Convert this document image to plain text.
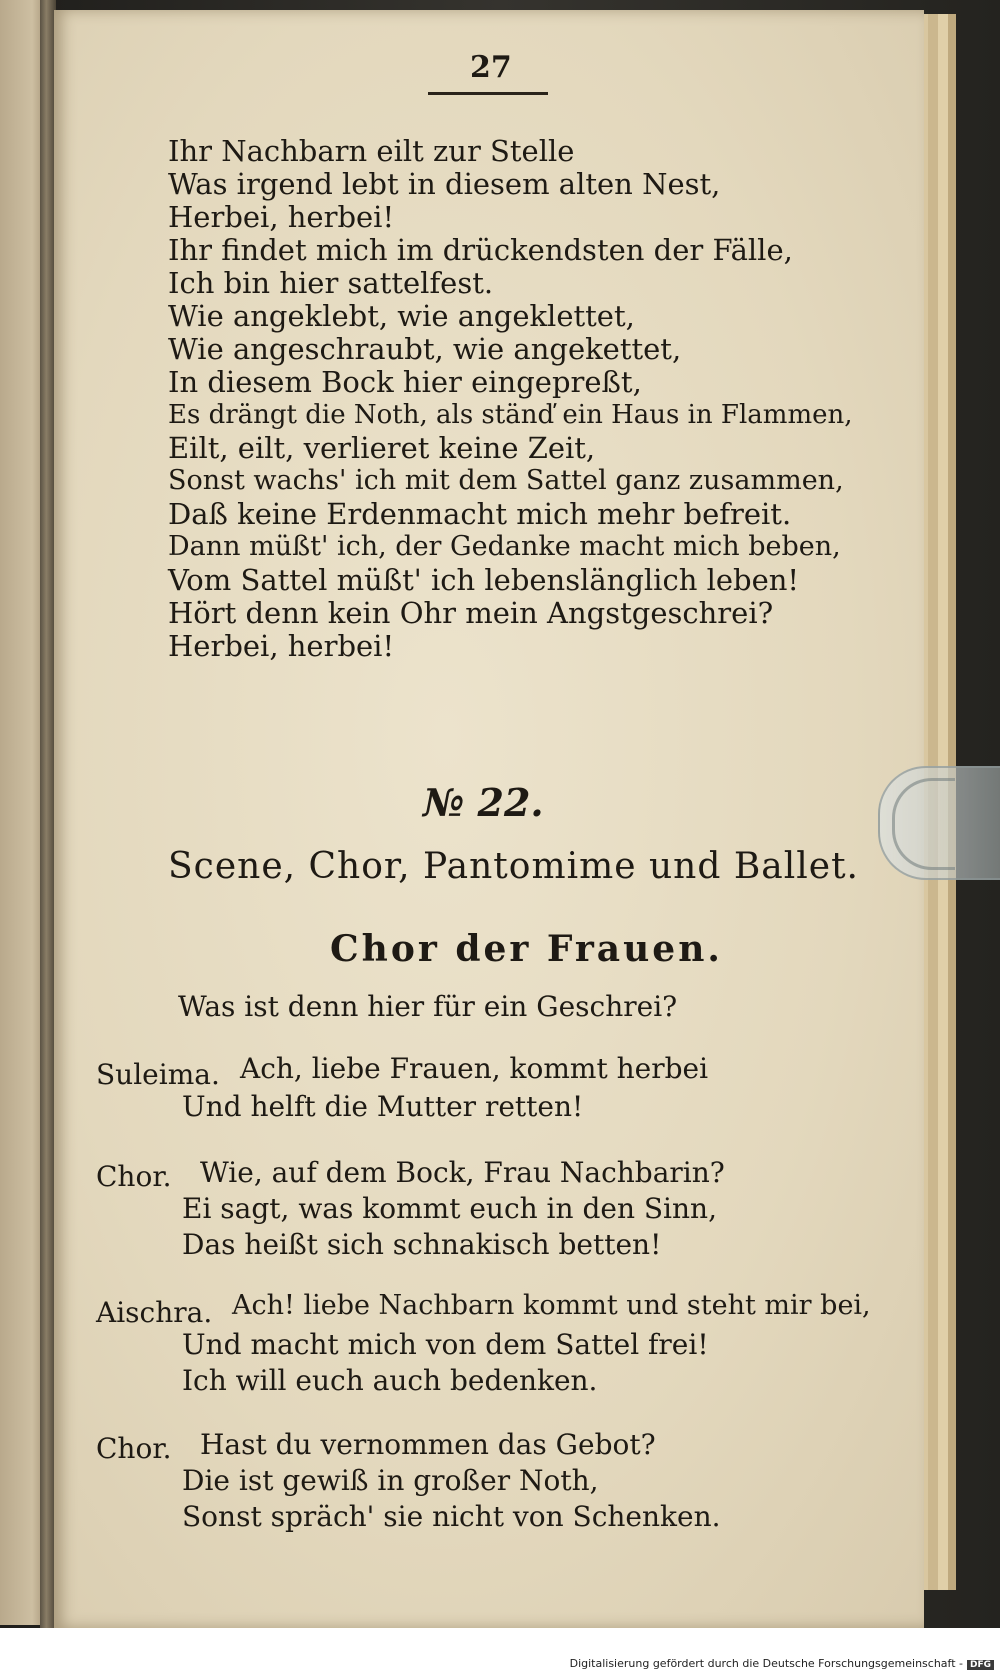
27
Ihr Nachbarn eilt zur Stelle
Was irgend lebt in diesem alten Nest,
Herbei, herbei!
Ihr findet mich im drückendsten der Fälle,
Ich bin hier sattelfest.
Wie angeklebt, wie angeklettet,
Wie angeschraubt, wie angekettet,
In diesem Bock hier eingepreßt,
Es drängt die Noth, als stänď ein Haus in Flammen,
Eilt, eilt, verlieret keine Zeit,
Sonst wachs' ich mit dem Sattel ganz zusammen,
Daß keine Erdenmacht mich mehr befreit.
Dann müßt' ich, der Gedanke macht mich beben,
Vom Sattel müßt' ich lebenslänglich leben!
Hört denn kein Ohr mein Angstgeschrei?
Herbei, herbei!
№ 22.
Scene, Chor, Pantomime und Ballet.
Chor der Frauen.
Was ist denn hier für ein Geschrei?
Suleima. Ach, liebe Frauen, kommt herbei
Und helft die Mutter retten!
Chor. Wie, auf dem Bock, Frau Nachbarin?
Ei sagt, was kommt euch in den Sinn,
Das heißt sich schnakisch betten!
Aischra. Ach! liebe Nachbarn kommt und steht mir bei,
Und macht mich von dem Sattel frei!
Ich will euch auch bedenken.
Chor. Hast du vernommen das Gebot?
Die ist gewiß in großer Noth,
Sonst spräch' sie nicht von Schenken.
Digitalisierung gefördert durch die Deutsche Forschungsgemeinschaft - DFG
